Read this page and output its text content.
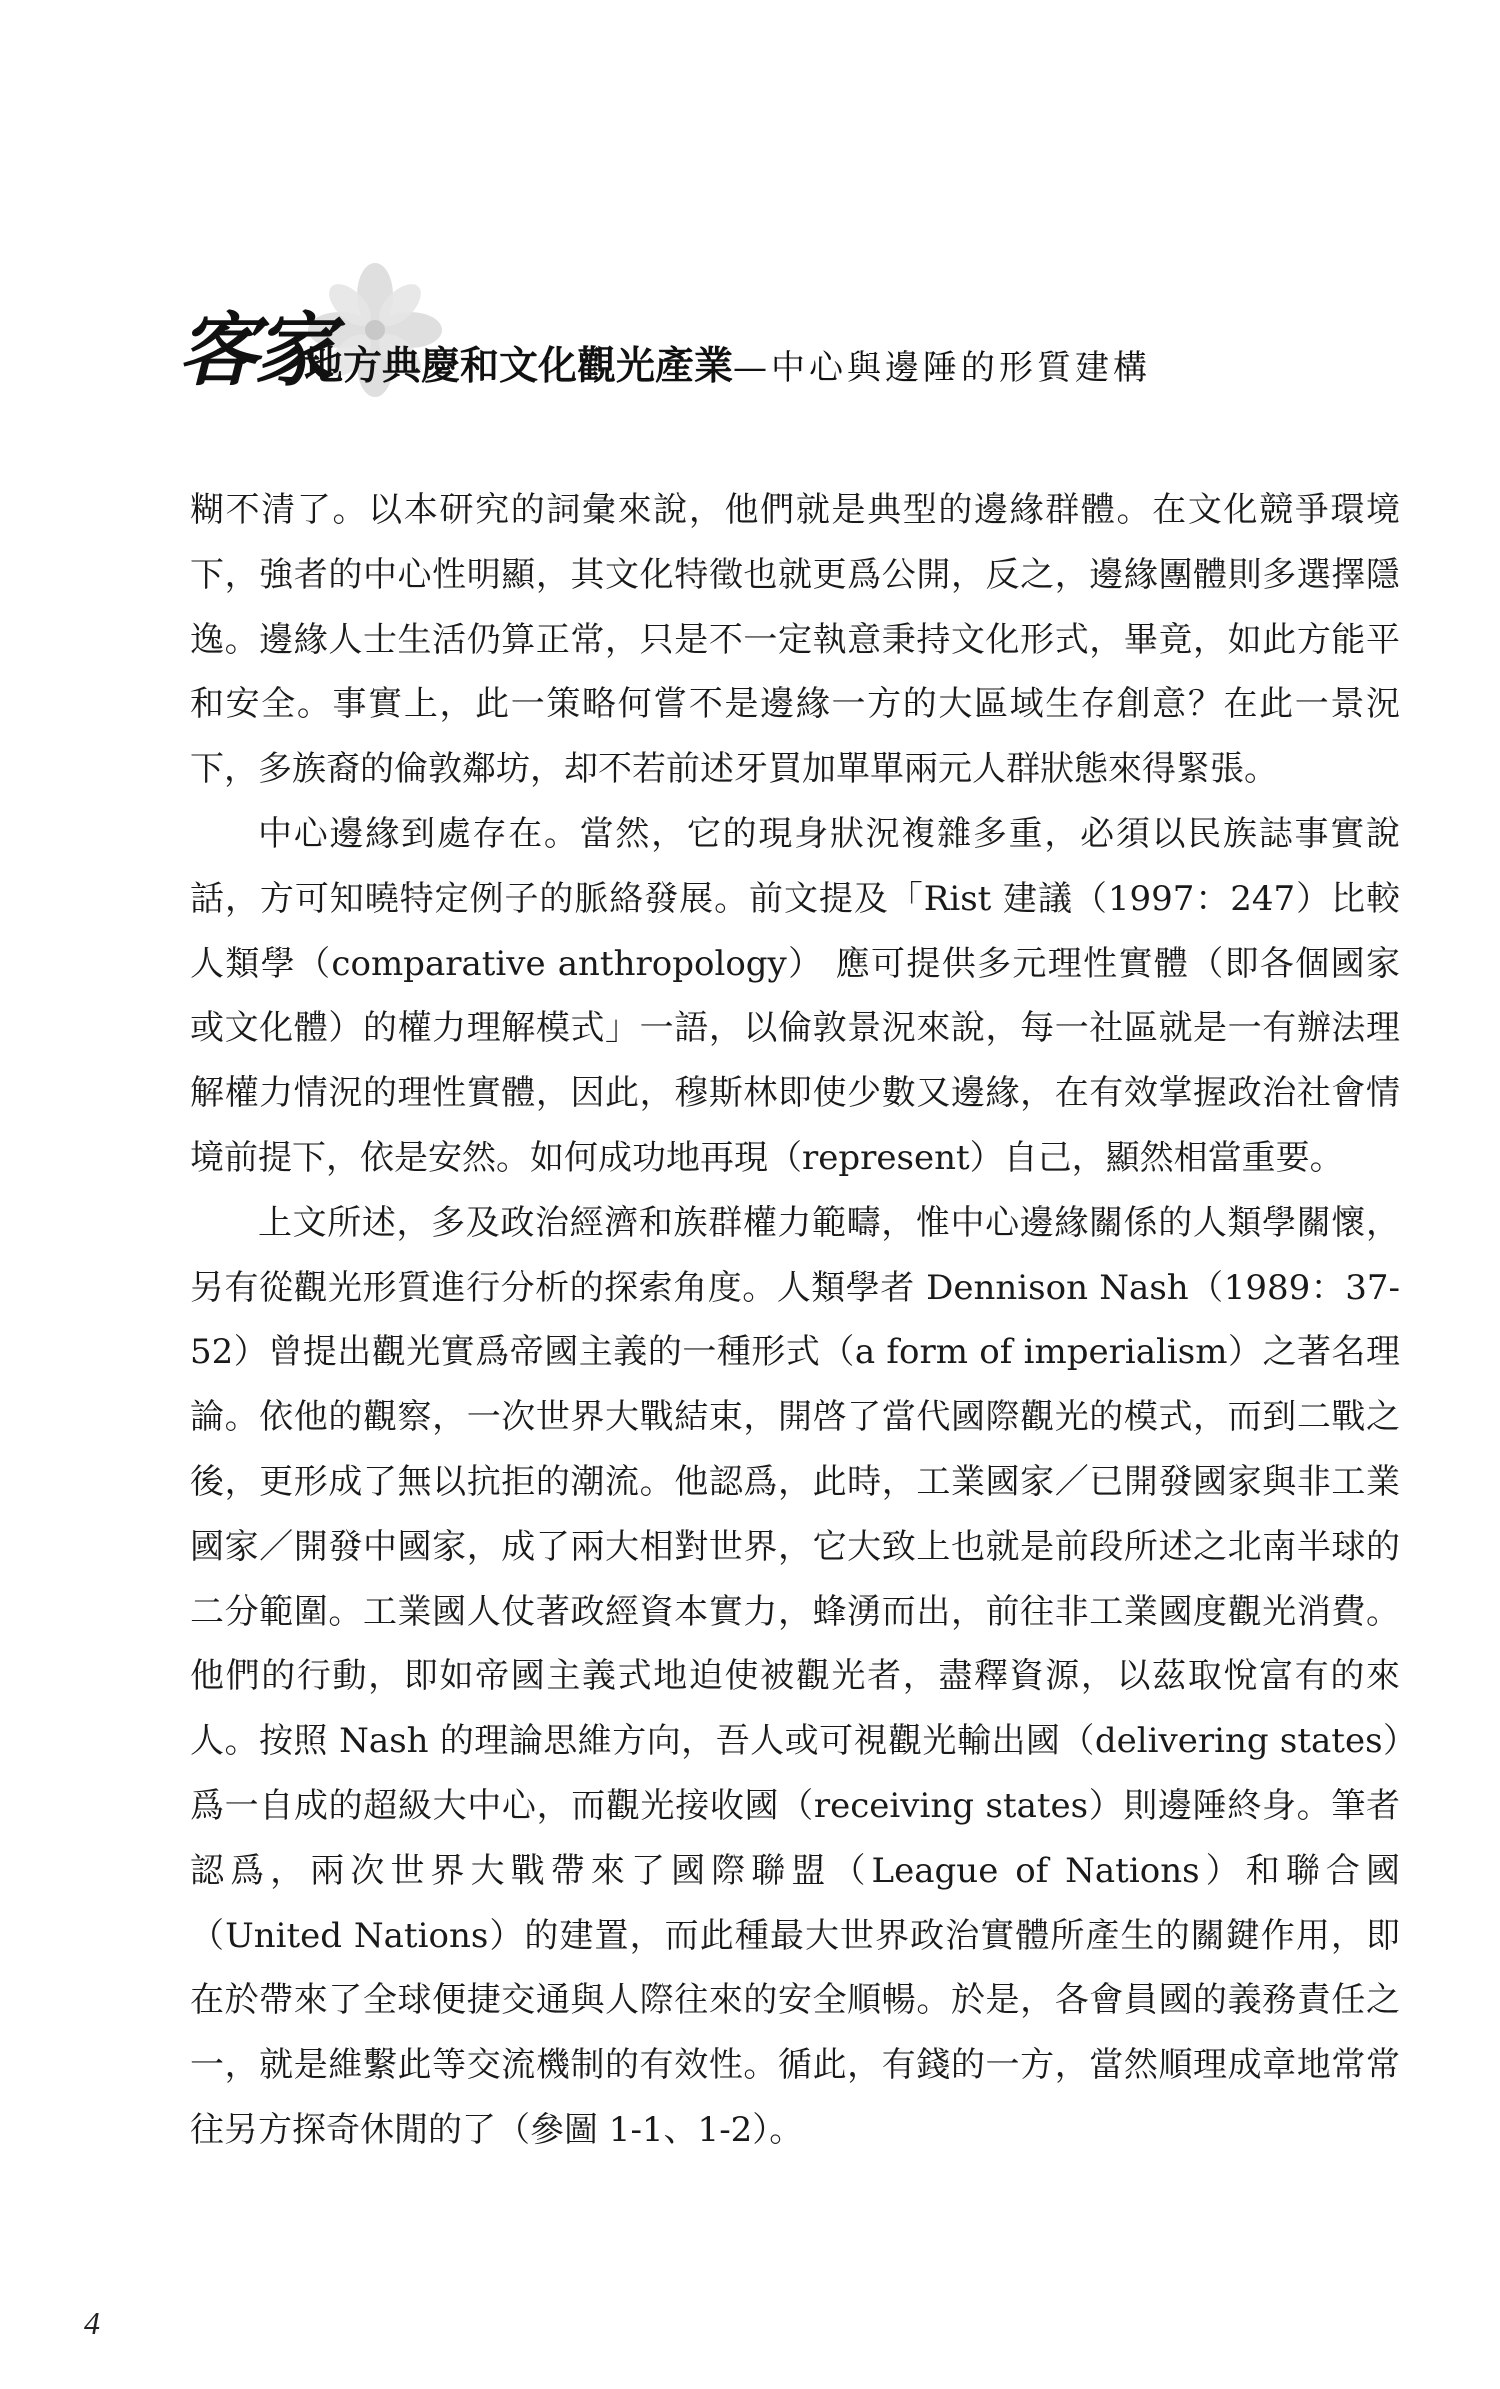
客家
地方典慶和文化觀光產業—中心與邊陲的形質建構

糊不清了。以本研究的詞彙來說，他們就是典型的邊緣群體。在文化競爭環境下，強者的中心性明顯，其文化特徵也就更爲公開，反之，邊緣團體則多選擇隱逸。邊緣人士生活仍算正常，只是不一定執意秉持文化形式，畢竟，如此方能平和安全。事實上，此一策略何嘗不是邊緣一方的大區域生存創意？在此一景況下，多族裔的倫敦鄰坊，却不若前述牙買加單單兩元人群狀態來得緊張。

中心邊緣到處存在。當然，它的現身狀況複雜多重，必須以民族誌事實說話，方可知曉特定例子的脈絡發展。前文提及「Rist 建議（1997：247）比較人類學（comparative anthropology） 應可提供多元理性實體（即各個國家或文化體）的權力理解模式」一語，以倫敦景況來說，每一社區就是一有辦法理解權力情況的理性實體，因此，穆斯林即使少數又邊緣，在有效掌握政治社會情境前提下，依是安然。如何成功地再現（represent）自己，顯然相當重要。

上文所述，多及政治經濟和族群權力範疇，惟中心邊緣關係的人類學關懷，另有從觀光形質進行分析的探索角度。人類學者 Dennison Nash（1989：37-52）曾提出觀光實爲帝國主義的一種形式（a form of imperialism）之著名理論。依他的觀察，一次世界大戰結束，開啓了當代國際觀光的模式，而到二戰之後，更形成了無以抗拒的潮流。他認爲，此時，工業國家／已開發國家與非工業國家／開發中國家，成了兩大相對世界，它大致上也就是前段所述之北南半球的二分範圍。工業國人仗著政經資本實力，蜂湧而出，前往非工業國度觀光消費。他們的行動，即如帝國主義式地迫使被觀光者，盡釋資源，以茲取悅富有的來人。按照 Nash 的理論思維方向，吾人或可視觀光輸出國（delivering states）爲一自成的超級大中心，而觀光接收國（receiving states）則邊陲終身。筆者認爲，兩次世界大戰帶來了國際聯盟（League of Nations）和聯合國（United Nations）的建置，而此種最大世界政治實體所產生的關鍵作用，即在於帶來了全球便捷交通與人際往來的安全順暢。於是，各會員國的義務責任之一，就是維繫此等交流機制的有效性。循此，有錢的一方，當然順理成章地常常往另方探奇休閒的了（參圖 1-1、1-2）。

4
